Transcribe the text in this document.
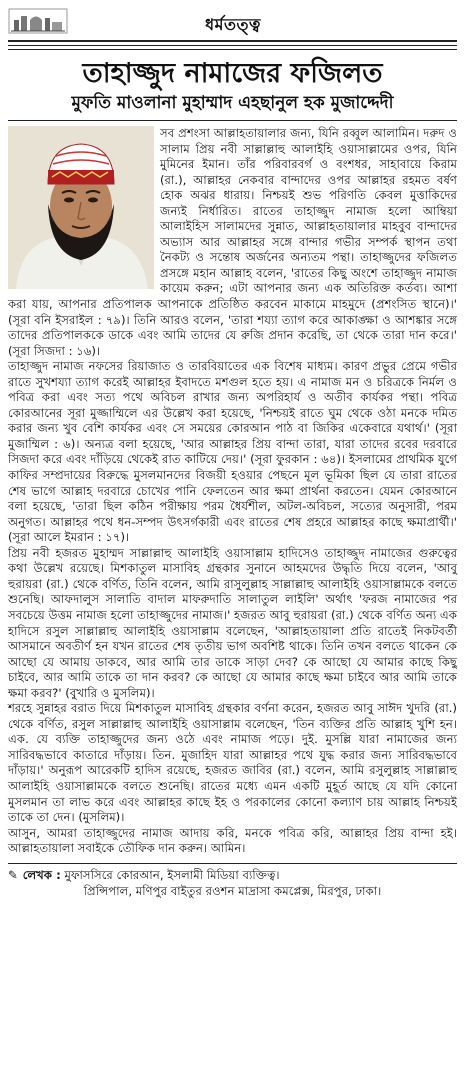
ধর্মতত্ত্ব
তাহাজ্জুদ নামাজের ফজিলত
মুফতি মাওলানা মুহাম্মাদ এহছানুল হক মুজাদ্দেদী

সব প্রশংসা আল্লাহতায়ালার জন্য, যিনি রব্বুল আলামিন। দরুদ ও সালাম প্রিয় নবী সাল্লাল্লাহু আলাইহি ওয়াসাল্লামের ওপর, যিনি মুমিনের ইমান। তাঁর পরিবারবর্গ ও বংশধর, সাহাবায়ে কিরাম (রা.), আল্লাহর নেকবার বান্দাদের ওপর আল্লাহর রহমত বর্ষণ হোক অঝর ধারায়। নিশ্চয়ই শুভ পরিণতি কেবল মুত্তাকিদের জন্যই নির্ধারিত। রাতের তাহাজ্জুদ নামাজ হলো আম্বিয়া আলাইহিস সালামদের সুন্নাত, আল্লাহতায়ালার মাহবুব বান্দাদের অভ্যাস আর আল্লাহর সঙ্গে বান্দার গভীর সম্পর্ক স্থাপন তথা নৈকট্য ও সন্তোষ অর্জনের অন্যতম পন্থা। তাহাজ্জুদের ফজিলত প্রসঙ্গে মহান আল্লাহ বলেন, 'রাতের কিছু অংশে তাহাজ্জুদ নামাজ কায়েম করুন; এটা আপনার জন্য এক অতিরিক্ত কর্তব্য। আশা করা যায়, আপনার প্রতিপালক আপনাকে প্রতিষ্ঠিত করবেন মাকামে মাহমুদে (প্রশংসিত স্থানে)।' (সূরা বনি ইসরাইল : ৭৯)। তিনি আরও বলেন, 'তারা শয্যা ত্যাগ করে আকাঙ্ক্ষা ও আশঙ্কার সঙ্গে তাদের প্রতিপালককে ডাকে এবং আমি তাদের যে রুজি প্রদান করেছি, তা থেকে তারা দান করে।' (সূরা সিজদা : ১৬)।

তাহাজ্জুদ নামাজ নফসের রিয়াজাত ও তারবিয়াতের এক বিশেষ মাধ্যম। কারণ প্রভুর প্রেমে গভীর রাতে সুখশয্যা ত্যাগ করেই আল্লাহর ইবাদতে মশগুল হতে হয়। এ নামাজ মন ও চরিত্রকে নির্মল ও পবিত্র করা এবং সত্য পথে অবিচল রাখার জন্য অপরিহার্য ও অতীব কার্যকর পন্থা। পবিত্র কোরআনের সূরা মুজ্জাম্মিলে এর উল্লেখ করা হয়েছে, 'নিশ্চয়ই রাতে ঘুম থেকে ওঠা মনকে দমিত করার জন্য খুব বেশি কার্যকর এবং সে সময়ের কোরআন পাঠ বা জিকির একেবারে যথার্থ।' (সূরা মুজাম্মিল : ৬)। অন্যত্র বলা হয়েছে, 'আর আল্লাহর প্রিয় বান্দা তারা, যারা তাদের রবের দরবারে সিজদা করে এবং দাঁড়িয়ে থেকেই রাত কাটিয়ে দেয়।' (সূরা ফুরকান : ৬৪)। ইসলামের প্রাথমিক যুগে কাফির সম্প্রদায়ের বিরুদ্ধে মুসলমানদের বিজয়ী হওয়ার পেছনে মূল ভূমিকা ছিল যে তারা রাতের শেষ ভাগে আল্লাহ দরবারে চোখের পানি ফেলতেন আর ক্ষমা প্রার্থনা করতেন। যেমন কোরআনে বলা হয়েছে, 'তারা ছিল কঠিন পরীক্ষায় পরম ধৈর্যশীল, অটল-অবিচল, সত্যের অনুসারী, পরম অনুগত। আল্লাহর পথে ধন-সম্পদ উৎসর্গকারী এবং রাতের শেষ প্রহরে আল্লাহর কাছে ক্ষমাপ্রার্থী।' (সূরা আলে ইমরান : ১৭)।

প্রিয় নবী হজরত মুহাম্মদ সাল্লাল্লাহু আলাইহি ওয়াসাল্লাম হাদিসেও তাহাজ্জুদ নামাজের গুরুত্বের কথা উল্লেখ রয়েছে। মিশকাতুল মাসাবিহ গ্রন্থকার সুনানে আহমদের উদ্ধৃতি দিয়ে বলেন, 'আবু হুরায়রা (রা.) থেকে বর্ণিত, তিনি বলেন, আমি রাসুলুল্লাহ সাল্লাল্লাহু আলাইহি ওয়াসাল্লামকে বলতে শুনেছি। আফদালুস সালাতি বাদাল মাফরুদাতি সালাতুল লাইলি' অর্থাৎ 'ফরজ নামাজের পর সবচেয়ে উত্তম নামাজ হলো তাহাজ্জুদের নামাজ।' হজরত আবু হুরায়রা (রা.) থেকে বর্ণিত অন্য এক হাদিসে রসুল সাল্লাল্লাহু আলাইহি ওয়াসাল্লাম বলেছেন, 'আল্লাহতায়ালা প্রতি রাতেই নিকটবর্তী আসমানে অবতীর্ণ হন যখন রাতের শেষ তৃতীয় ভাগ অবশিষ্ট থাকে। তিনি তখন বলতে থাকেন কে আছো যে আমায় ডাকবে, আর আমি তার ডাকে সাড়া দেব? কে আছো যে আমার কাছে কিছু চাইবে, আর আমি তাকে তা দান করব? কে আছো যে আমার কাছে ক্ষমা চাইবে আর আমি তাকে ক্ষমা করব?' (বুখারি ও মুসলিম)।

শরহে সুন্নাহর বরাত দিয়ে মিশকাতুল মাসাবিহ গ্রন্থকার বর্ণনা করেন, হজরত আবু সাঈদ খুদরি (রা.) থেকে বর্ণিত, রসুল সাল্লাল্লাহু আলাইহি ওয়াসাল্লাম বলেছেন, 'তিন ব্যক্তির প্রতি আল্লাহ খুশি হন। এক. যে ব্যক্তি তাহাজ্জুদের জন্য ওঠে এবং নামাজ পড়ে। দুই. মুসল্লি যারা নামাজের জন্য সারিবদ্ধভাবে কাতারে দাঁড়ায়। তিন. মুজাহিদ যারা আল্লাহর পথে যুদ্ধ করার জন্য সারিবদ্ধভাবে দাঁড়ায়।' অনুরূপ আরেকটি হাদিস রয়েছে, হজরত জাবির (রা.) বলেন, আমি রসুলুল্লাহ সাল্লাল্লাহু আলাইহি ওয়াসাল্লামকে বলতে শুনেছি। রাতের মধ্যে এমন একটি মুহূর্ত আছে যে যদি কোনো মুসলমান তা লাভ করে এবং আল্লাহর কাছে ইহ ও পরকালের কোনো কল্যাণ চায় আল্লাহ নিশ্চয়ই তাকে তা দেন। (মুসলিম)।

আসুন, আমরা তাহাজ্জুদের নামাজ আদায় করি, মনকে পবিত্র করি, আল্লাহর প্রিয় বান্দা হই। আল্লাহতায়ালা সবাইকে তৌফিক দান করুন। আমিন।

✎ লেখক : মুফাসসিরে কোরআন, ইসলামী মিডিয়া ব্যক্তিত্ব।
প্রিন্সিপাল, মণিপুর বাইতুর রওশন মাদ্রাসা কমপ্লেক্স, মিরপুর, ঢাকা।
